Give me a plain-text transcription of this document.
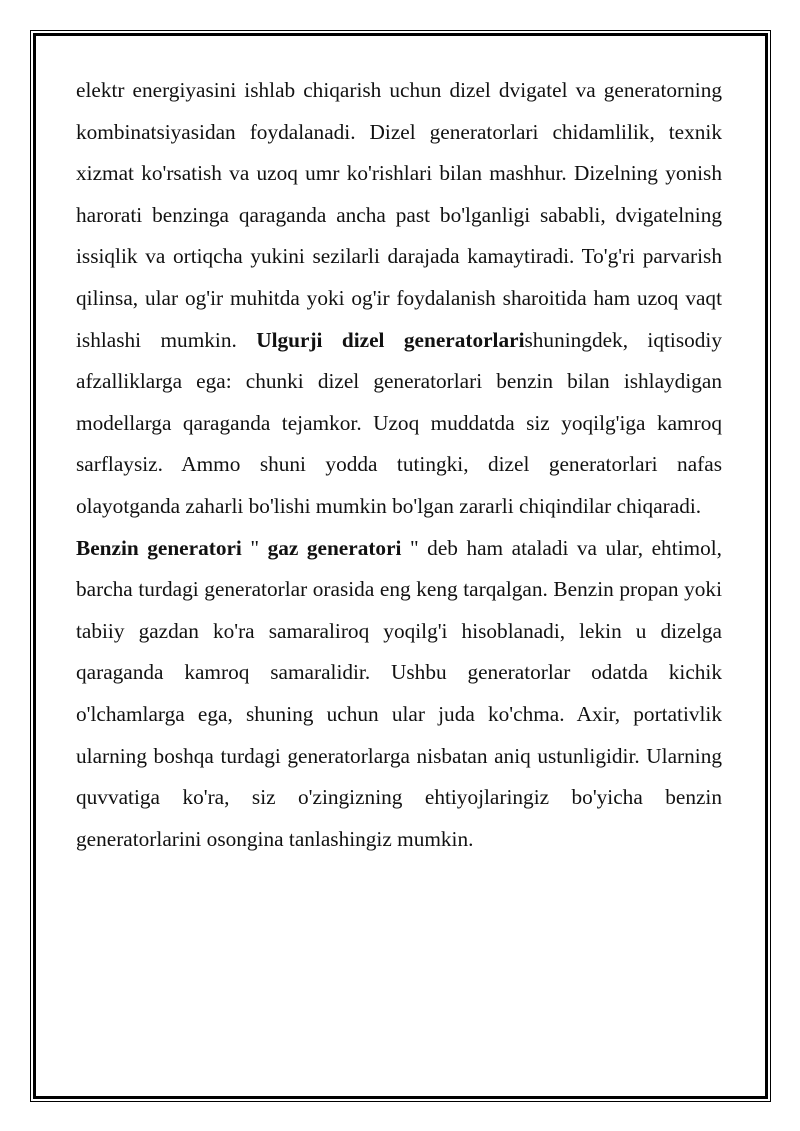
elektr energiyasini ishlab chiqarish uchun dizel dvigatel va generatorning kombinatsiyasidan foydalanadi. Dizel generatorlari chidamlilik, texnik xizmat ko'rsatish va uzoq umr ko'rishlari bilan mashhur. Dizelning yonish harorati benzinga qaraganda ancha past bo'lganligi sababli, dvigatelning issiqlik va ortiqcha yukini sezilarli darajada kamaytiradi. To'g'ri parvarish qilinsa, ular og'ir muhitda yoki og'ir foydalanish sharoitida ham uzoq vaqt ishlashi mumkin. Ulgurji dizel generatorlarishuningdek, iqtisodiy afzalliklarga ega: chunki dizel generatorlari benzin bilan ishlaydigan modellarga qaraganda tejamkor. Uzoq muddatda siz yoqilg'iga kamroq sarflaysiz. Ammo shuni yodda tutingki, dizel generatorlari nafas olayotganda zaharli bo'lishi mumkin bo'lgan zararli chiqindilar chiqaradi.

Benzin generatori " gaz generatori " deb ham ataladi va ular, ehtimol, barcha turdagi generatorlar orasida eng keng tarqalgan. Benzin propan yoki tabiiy gazdan ko'ra samaraliroq yoqilg'i hisoblanadi, lekin u dizelga qaraganda kamroq samaralidir. Ushbu generatorlar odatda kichik o'lchamlarga ega, shuning uchun ular juda ko'chma. Axir, portativlik ularning boshqa turdagi generatorlarga nisbatan aniq ustunligidir. Ularning quvvatiga ko'ra, siz o'zingizning ehtiyojlaringiz bo'yicha benzin generatorlarini osongina tanlashingiz mumkin.
